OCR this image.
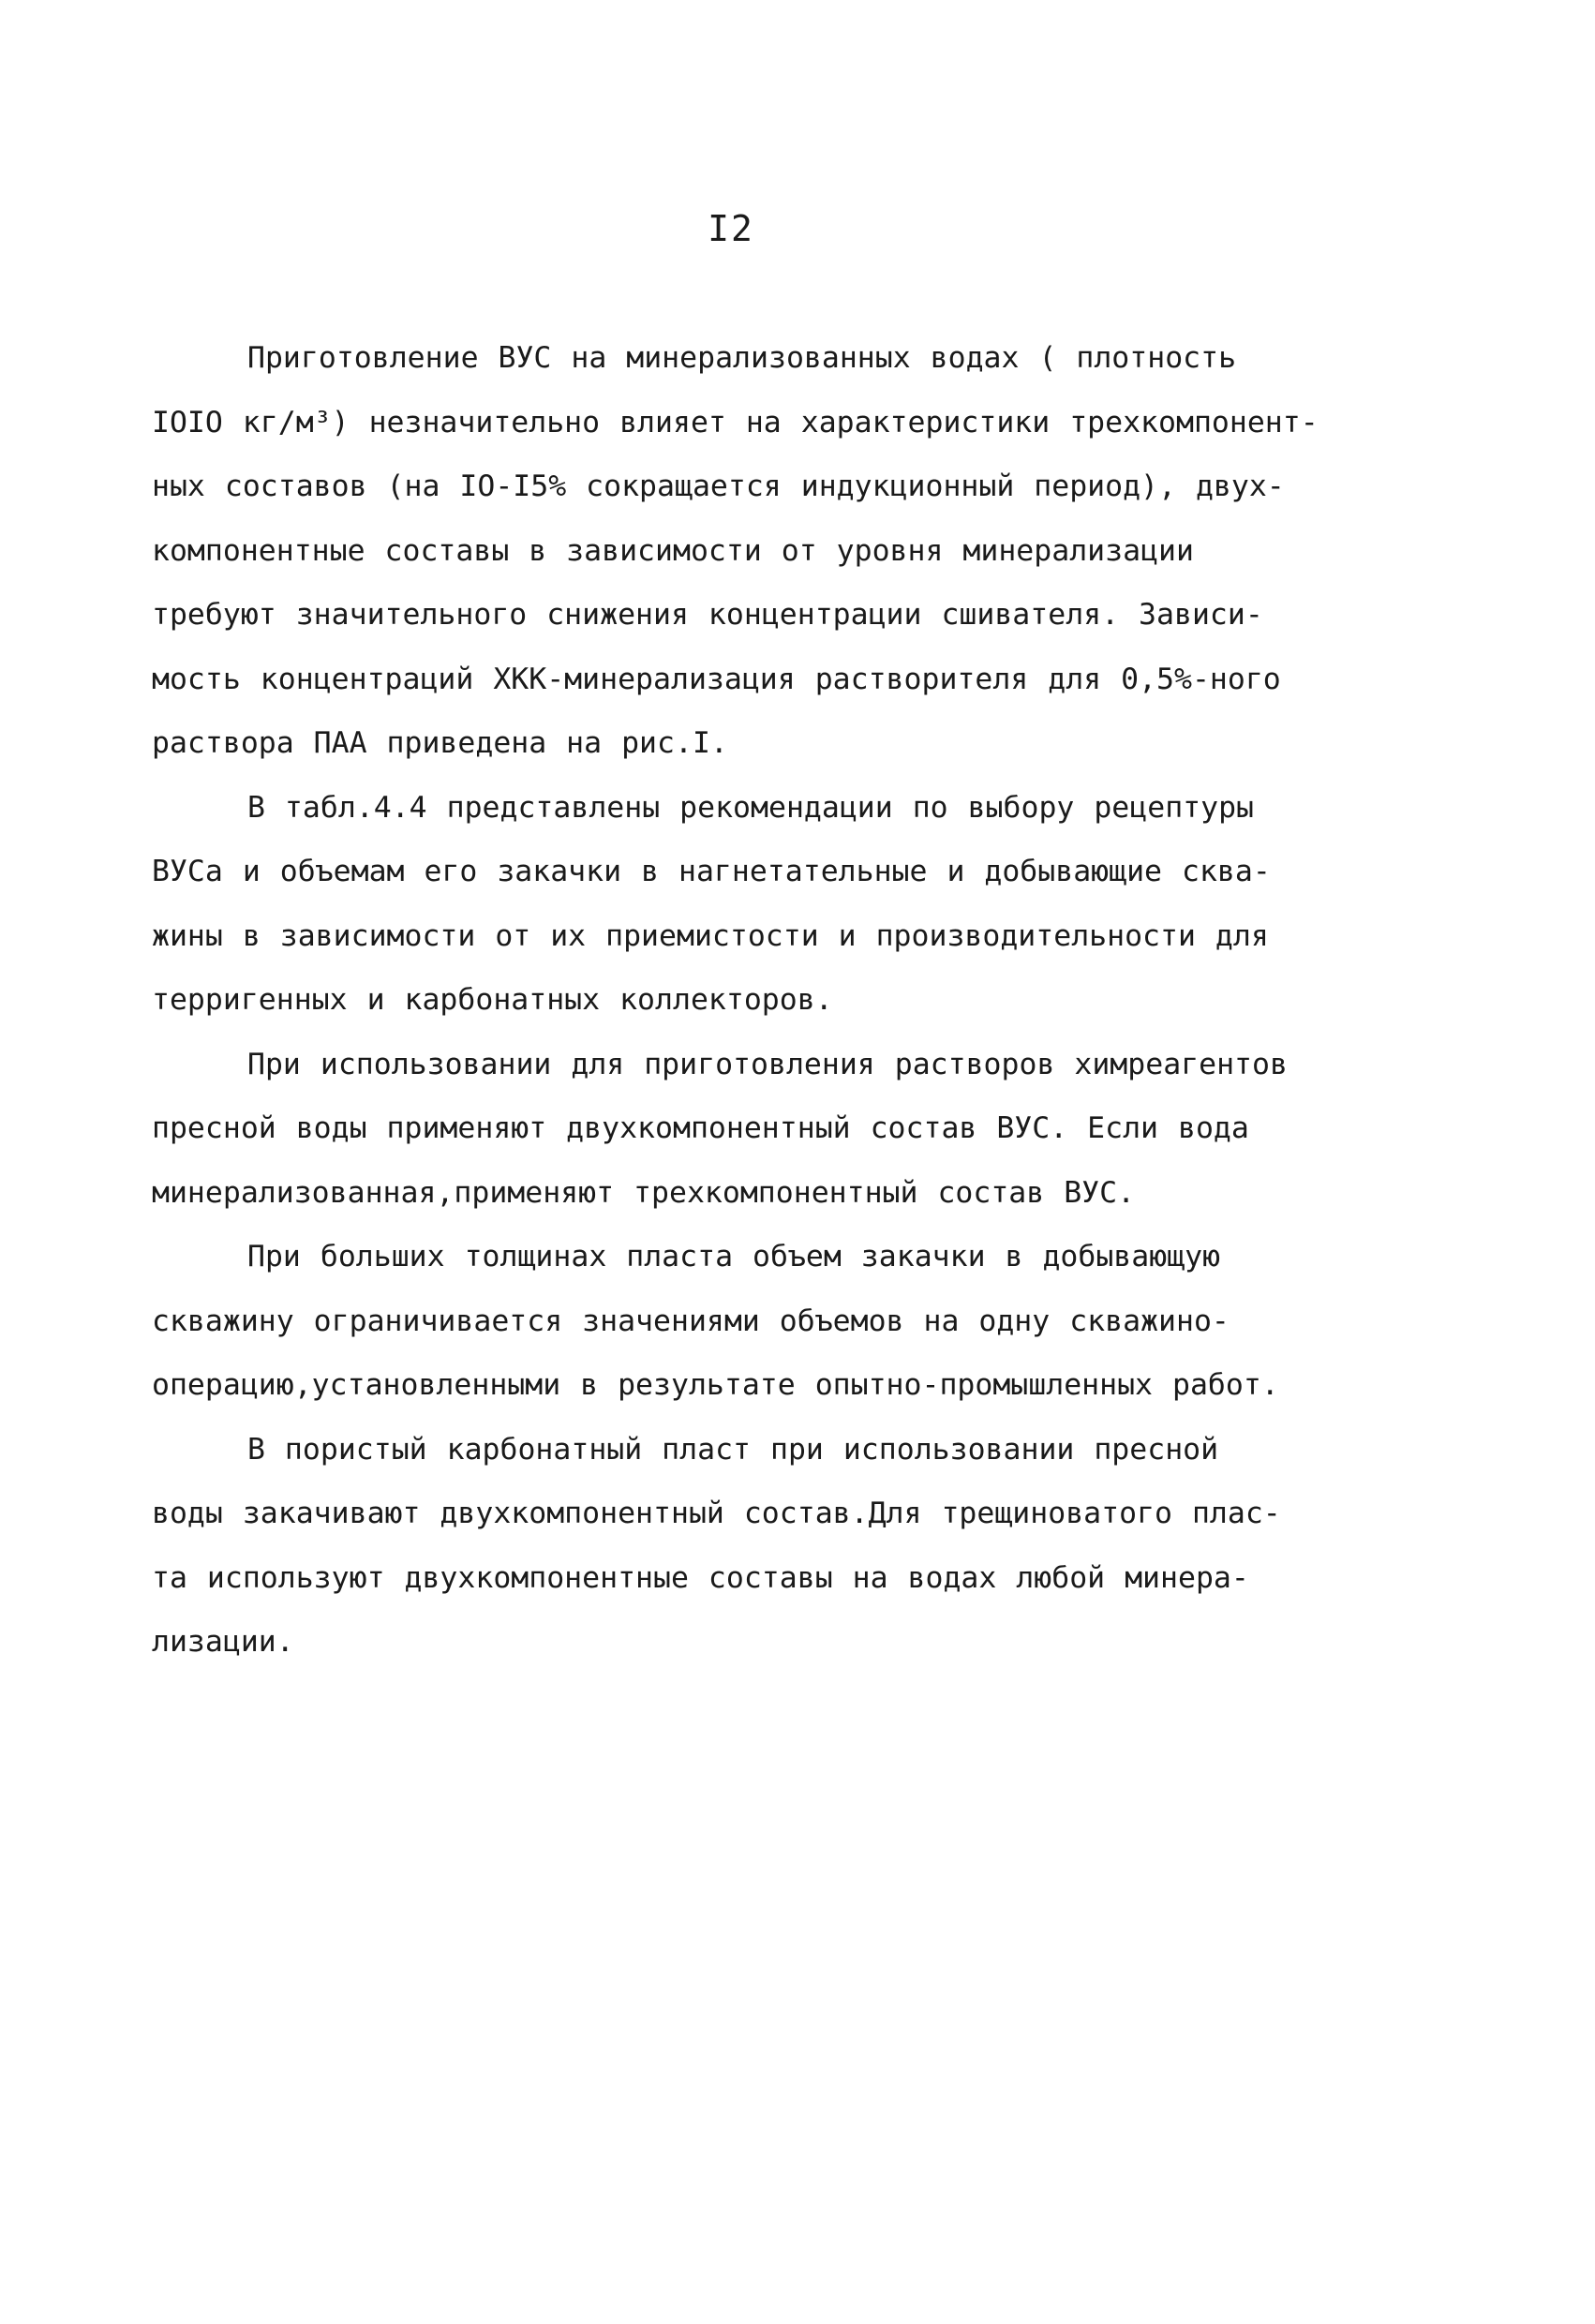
I2
Приготовление ВУС на минерализованных водах ( плотность
IOIO кг/м³) незначительно влияет на характеристики трехкомпонент-
ных составов (на IO-I5% сокращается индукционный период), двух-
компонентные составы в зависимости от уровня минерализации
требуют значительного снижения концентрации сшивателя. Зависи-
мость концентраций ХКК-минерализация растворителя для 0,5%-ного
раствора ПАА приведена на рис.I.
В табл.4.4 представлены рекомендации по выбору рецептуры
ВУСа и объемам его закачки в нагнетательные и добывающие сква-
жины в зависимости от их приемистости и производительности для
терригенных и карбонатных коллекторов.
При использовании для приготовления растворов химреагентов
пресной воды применяют двухкомпонентный состав ВУС. Если вода
минерализованная,применяют трехкомпонентный состав ВУС.
При больших толщинах пласта объем закачки в добывающую
скважину ограничивается значениями объемов на одну скважино-
операцию,установленными в результате опытно-промышленных работ.
В пористый карбонатный пласт при использовании пресной
воды закачивают двухкомпонентный состав.Для трещиноватого плас-
та используют двухкомпонентные составы на водах любой минера-
лизации.
